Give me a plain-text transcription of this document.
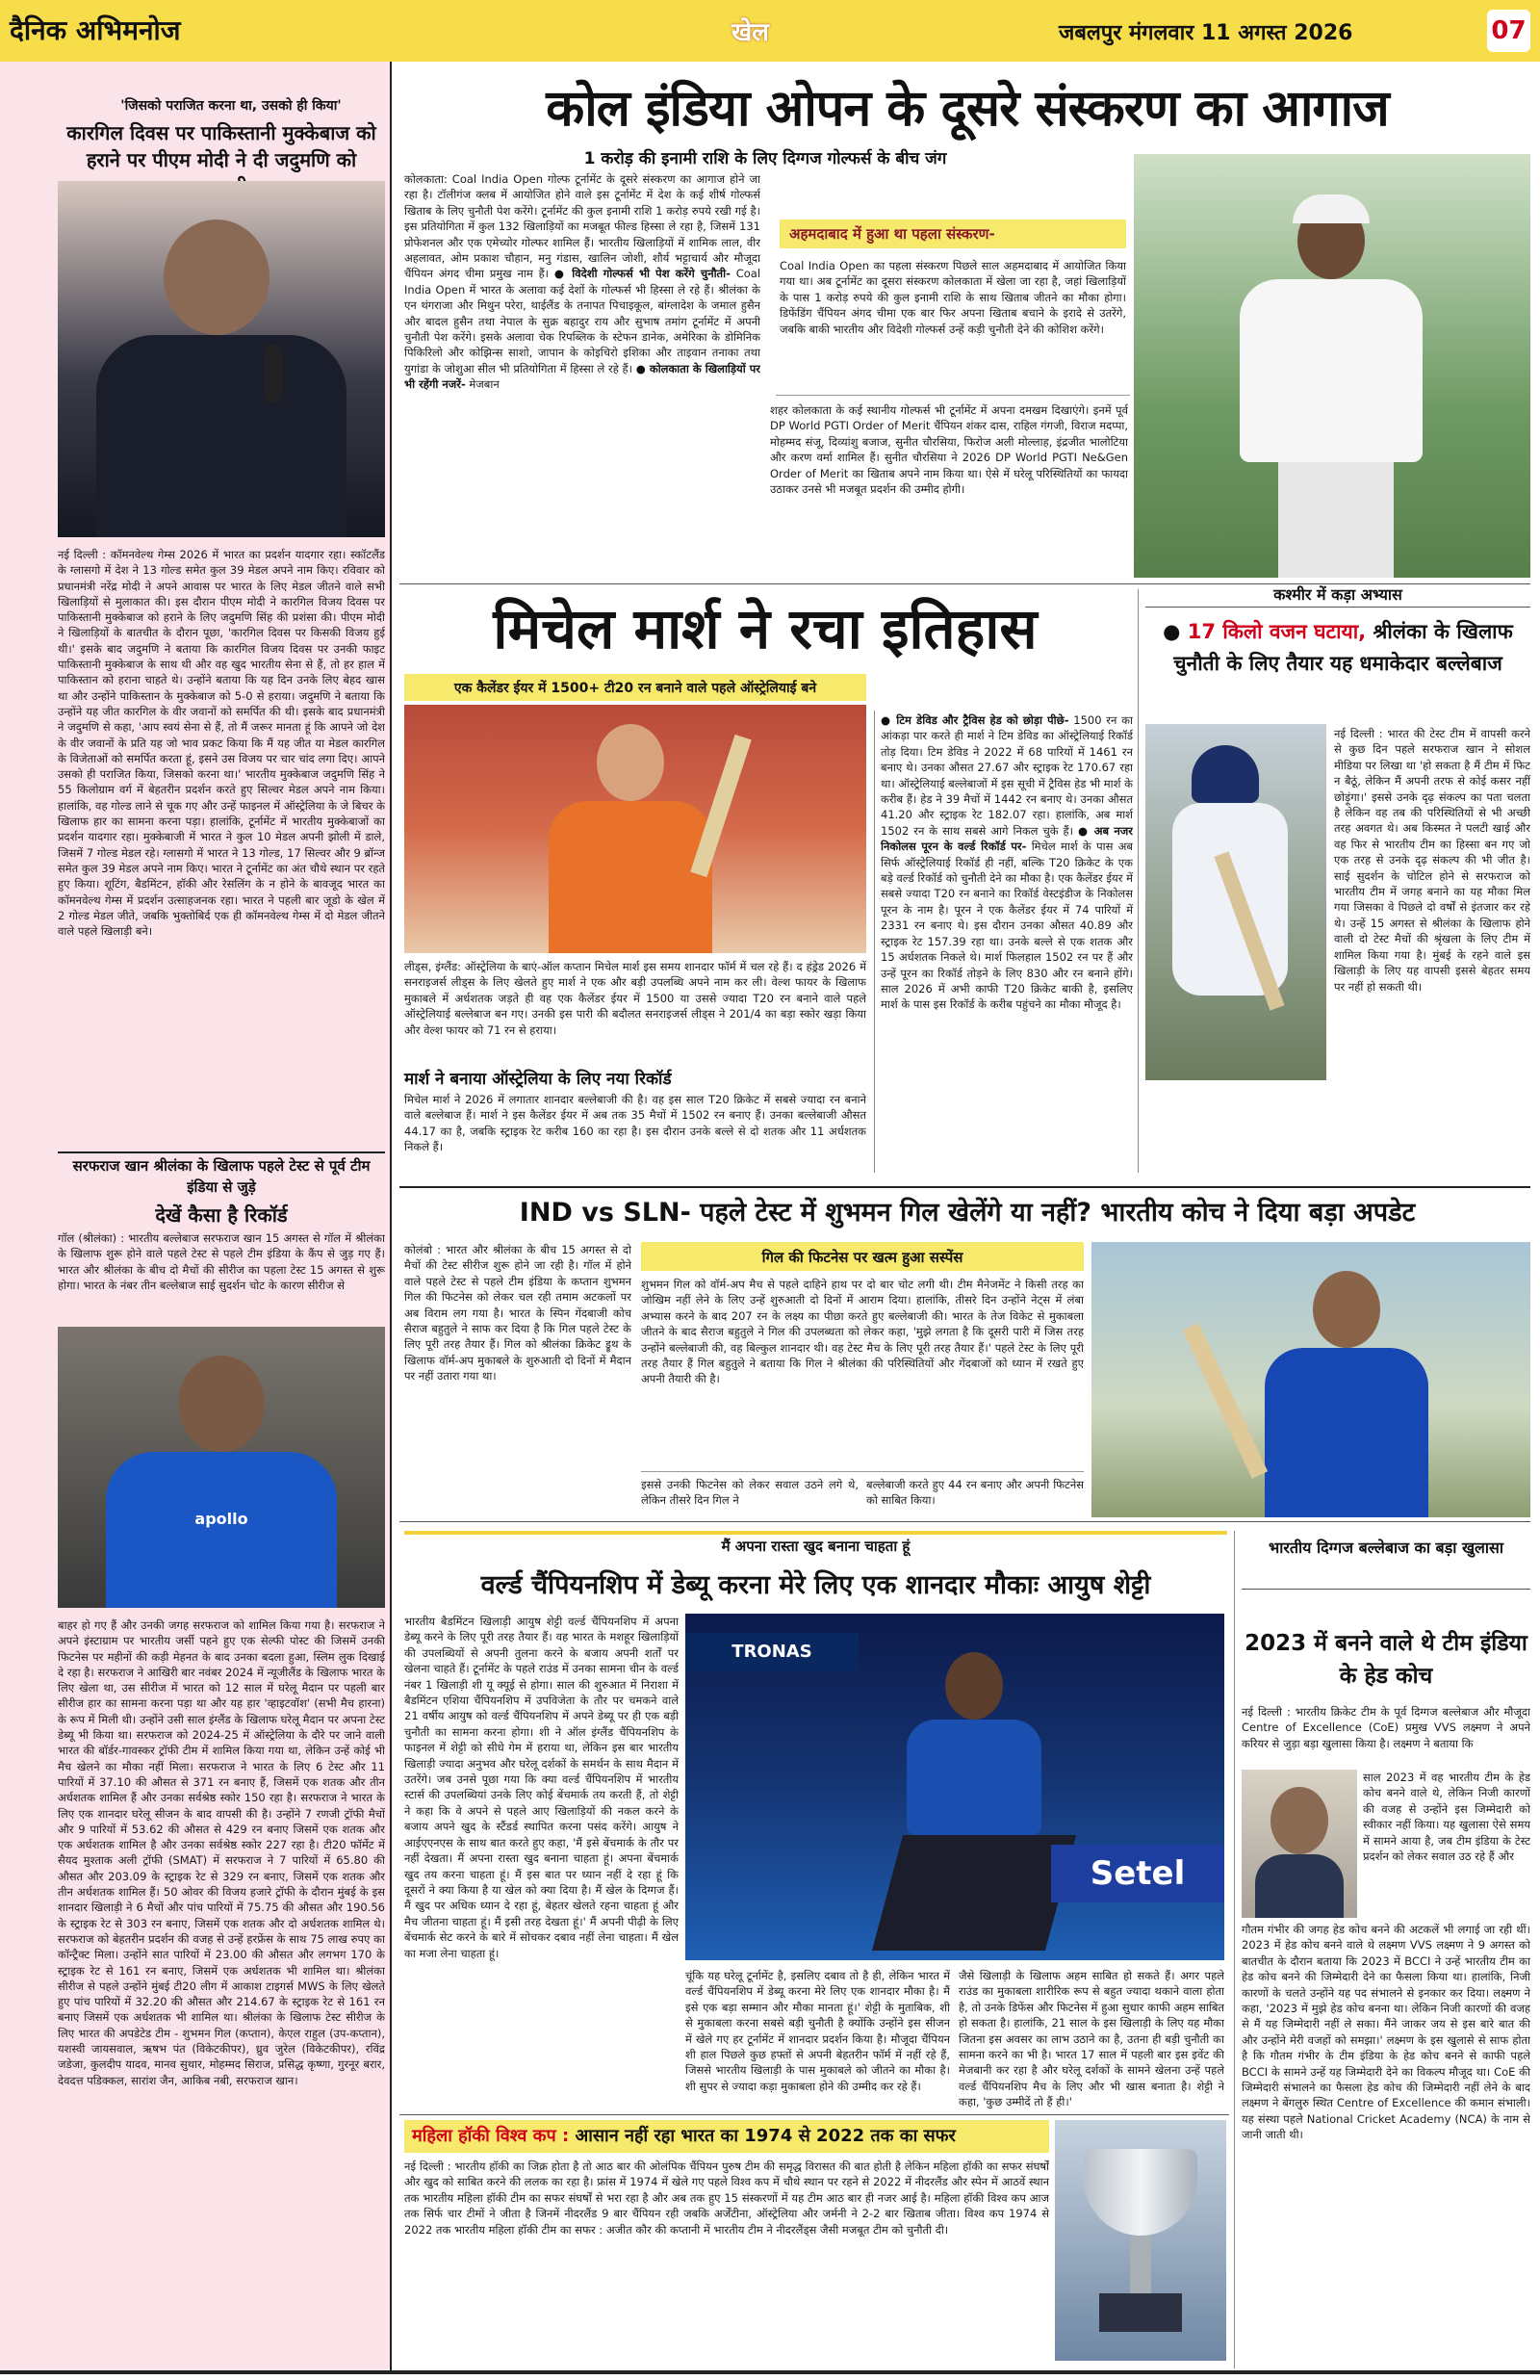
दैनिक अभिमनोज	खेल	जबलपुर मंगलवार 11 अगस्त 2026	07
'जिसको पराजित करना था, उसको ही किया'
कारगिल दिवस पर पाकिस्तानी मुक्केबाज को हराने पर पीएम मोदी ने दी जदुमणि को
नई दिल्ली : कॉमनवेल्थ गेम्स 2026 में भारत का प्रदर्शन यादगार रहा। स्कॉटलैंड के ग्लासगो में देश ने 13 गोल्ड समेत कुल 39 मेडल अपने नाम किए। रविवार को प्रधानमंत्री नरेंद्र मोदी ने अपने आवास पर भारत के लिए मेडल जीतने वाले सभी खिलाड़ियों से मुलाकात की। इस दौरान पीएम मोदी ने कारगिल विजय दिवस पर पाकिस्तानी मुक्केबाज को हराने के लिए जदुमणि सिंह की प्रशंसा की। पीएम मोदी ने खिलाड़ियों के बातचीत के दौरान पूछा, 'कारगिल दिवस पर किसकी विजय हुई थी।' इसके बाद जदुमणि ने बताया कि कारगिल विजय दिवस पर उनकी फाइट पाकिस्तानी मुक्केबाज के साथ थी और वह खुद भारतीय सेना से हैं, तो हर हाल में पाकिस्तान को हराना चाहते थे। उन्होंने बताया कि यह दिन उनके लिए बेहद खास था और उन्होंने पाकिस्तान के मुक्केबाज को 5-0 से हराया। जदुमणि ने बताया कि उन्होंने यह जीत कारगिल के वीर जवानों को समर्पित की थी। इसके बाद प्रधानमंत्री ने जदुमणि से कहा, 'आप स्वयं सेना से हैं, तो मैं जरूर मानता हूं कि आपने जो देश के वीर जवानों के प्रति यह जो भाव प्रकट किया कि मैं यह जीत या मेडल कारगिल के विजेताओं को समर्पित करता हूं, इसने उस विजय पर चार चांद लगा दिए। आपने उसको ही पराजित किया, जिसको करना था।' भारतीय मुक्केबाज जदुमणि सिंह ने 55 किलोग्राम वर्ग में बेहतरीन प्रदर्शन करते हुए सिल्वर मेडल अपने नाम किया। हालांकि, वह गोल्ड लाने से चूक गए और उन्हें फाइनल में ऑस्ट्रेलिया के जे बिचर के खिलाफ हार का सामना करना पड़ा। हालांकि, टूर्नामेंट में भारतीय मुक्केबाजों का प्रदर्शन यादगार रहा। मुक्केबाजी में भारत ने कुल 10 मेडल अपनी झोली में डाले, जिसमें 7 गोल्ड मेडल रहे। ग्लासगो में भारत ने 13 गोल्ड, 17 सिल्वर और 9 ब्रॉन्ज समेत कुल 39 मेडल अपने नाम किए। भारत ने टूर्नामेंट का अंत चौथे स्थान पर रहते हुए किया। शूटिंग, बैडमिंटन, हॉकी और रेसलिंग के न होने के बावजूद भारत का कॉमनवेल्थ गेम्स में प्रदर्शन उत्साहजनक रहा। भारत ने पहली बार जूडो के खेल में 2 गोल्ड मेडल जीते, जबकि भुक्तोबिर्द एक ही कॉमनवेल्थ गेम्स में दो मेडल जीतने वाले पहले खिलाड़ी बने।
सरफराज खान श्रीलंका के खिलाफ पहले टेस्ट से पूर्व टीम इंडिया से जुड़े
देखें कैसा है रिकॉर्ड
गॉल (श्रीलंका) : भारतीय बल्लेबाज सरफराज खान 15 अगस्त से गॉल में श्रीलंका के खिलाफ शुरू होने वाले पहले टेस्ट से पहले टीम इंडिया के कैंप से जुड़ गए हैं। भारत और श्रीलंका के बीच दो मैचों की सीरीज का पहला टेस्ट 15 अगस्त से शुरू होगा। भारत के नंबर तीन बल्लेबाज साई सुदर्शन चोट के कारण सीरीज से
apollo
बाहर हो गए हैं और उनकी जगह सरफराज को शामिल किया गया है। सरफराज ने अपने इंस्टाग्राम पर भारतीय जर्सी पहने हुए एक सेल्फी पोस्ट की जिसमें उनकी फिटनेस पर महीनों की कड़ी मेहनत के बाद उनका बदला हुआ, स्लिम लुक दिखाई दे रहा है। सरफराज ने आखिरी बार नवंबर 2024 में न्यूजीलैंड के खिलाफ भारत के लिए खेला था, उस सीरीज में भारत को 12 साल में घरेलू मैदान पर पहली बार सीरीज हार का सामना करना पड़ा था और यह हार 'व्हाइटवॉश' (सभी मैच हारना) के रूप में मिली थी। उन्होंने उसी साल इंग्लैंड के खिलाफ घरेलू मैदान पर अपना टेस्ट डेब्यू भी किया था। सरफराज को 2024-25 में ऑस्ट्रेलिया के दौरे पर जाने वाली भारत की बॉर्डर-गावस्कर ट्रॉफी टीम में शामिल किया गया था, लेकिन उन्हें कोई भी मैच खेलने का मौका नहीं मिला। सरफराज ने भारत के लिए 6 टेस्ट और 11 पारियों में 37.10 की औसत से 371 रन बनाए हैं, जिसमें एक शतक और तीन अर्धशतक शामिल हैं और उनका सर्वश्रेष्ठ स्कोर 150 रहा है। सरफराज ने भारत के लिए एक शानदार घरेलू सीजन के बाद वापसी की है। उन्होंने 7 रणजी ट्रॉफी मैचों और 9 पारियों में 53.62 की औसत से 429 रन बनाए जिसमें एक शतक और एक अर्धशतक शामिल है और उनका सर्वश्रेष्ठ स्कोर 227 रहा है। टी20 फॉर्मेट में सैयद मुश्ताक अली ट्रॉफी (SMAT) में सरफराज ने 7 पारियों में 65.80 की औसत और 203.09 के स्ट्राइक रेट से 329 रन बनाए, जिसमें एक शतक और तीन अर्धशतक शामिल हैं। 50 ओवर की विजय हजारे ट्रॉफी के दौरान मुंबई के इस शानदार खिलाड़ी ने 6 मैचों और पांच पारियों में 75.75 की औसत और 190.56 के स्ट्राइक रेट से 303 रन बनाए, जिसमें एक शतक और दो अर्धशतक शामिल थे। सरफराज को बेहतरीन प्रदर्शन की वजह से उन्हें हरफ्रेंस के साथ 75 लाख रुपए का कॉन्ट्रैक्ट मिला। उन्होंने सात पारियों में 23.00 की औसत और लगभग 170 के स्ट्राइक रेट से 161 रन बनाए, जिसमें एक अर्धशतक भी शामिल था। श्रीलंका सीरीज से पहले उन्होंने मुंबई टी20 लीग में आकाश टाइगर्स MWS के लिए खेलते हुए पांच पारियों में 32.20 की औसत और 214.67 के स्ट्राइक रेट से 161 रन बनाए जिसमें एक अर्धशतक भी शामिल था। श्रीलंका के खिलाफ टेस्ट सीरीज के लिए भारत की अपडेटेड टीम - शुभमन गिल (कप्तान), केएल राहुल (उप-कप्तान), यशस्वी जायसवाल, ऋषभ पंत (विकेटकीपर), ध्रुव जुरेल (विकेटकीपर), रविंद्र जडेजा, कुलदीप यादव, मानव सुथार, मोहम्मद सिराज, प्रसिद्ध कृष्णा, गुरनूर बरार, देवदत्त पडिक्कल, सारांश जैन, आकिब नबी, सरफराज खान।
कोल इंडिया ओपन के दूसरे संस्करण का आगाज
1 करोड़ की इनामी राशि के लिए दिग्गज गोल्फर्स के बीच जंग
कोलकाता: Coal India Open गोल्फ टूर्नामेंट के दूसरे संस्करण का आगाज होने जा रहा है। टॉलीगंज क्लब में आयोजित होने वाले इस टूर्नामेंट में देश के कई शीर्ष गोल्फर्स खिताब के लिए चुनौती पेश करेंगे। टूर्नामेंट की कुल इनामी राशि 1 करोड़ रुपये रखी गई है। इस प्रतियोगिता में कुल 132 खिलाड़ियों का मजबूत फील्ड हिस्सा ले रहा है, जिसमें 131 प्रोफेशनल और एक एमेच्योर गोल्फर शामिल हैं। भारतीय खिलाड़ियों में शामिक लाल, वीर अहलावत, ओम प्रकाश चौहान, मनु गंडास, खालिन जोशी, शौर्य भट्टाचार्य और मौजूदा चैंपियन अंगद चीमा प्रमुख नाम हैं। ● विदेशी गोल्फर्स भी पेश करेंगे चुनौती- Coal India Open में भारत के अलावा कई देशों के गोल्फर्स भी हिस्सा ले रहे हैं। श्रीलंका के एन थंगराजा और मिथुन परेरा, थाईलैंड के तनापत पिचाइकूल, बांग्लादेश के जमाल हुसैन और बादल हुसैन तथा नेपाल के सुक्र बहादुर राय और सुभाष तमांग टूर्नामेंट में अपनी चुनौती पेश करेंगे। इसके अलावा चेक रिपब्लिक के स्टेफन डानेक, अमेरिका के डोमिनिक पिकिरिलो और कोझिन्स साशो, जापान के कोइचिरो इशिका और ताइवान तनाका तथा युगांडा के जोशुआ सील भी प्रतियोगिता में हिस्सा ले रहे हैं। ● कोलकाता के खिलाड़ियों पर भी रहेंगी नजरें- मेजबान
अहमदाबाद में हुआ था पहला संस्करण-
Coal India Open का पहला संस्करण पिछले साल अहमदाबाद में आयोजित किया गया था। अब टूर्नामेंट का दूसरा संस्करण कोलकाता में खेला जा रहा है, जहां खिलाड़ियों के पास 1 करोड़ रुपये की कुल इनामी राशि के साथ खिताब जीतने का मौका होगा। डिफेंडिंग चैंपियन अंगद चीमा एक बार फिर अपना खिताब बचाने के इरादे से उतरेंगे, जबकि बाकी भारतीय और विदेशी गोल्फर्स उन्हें कड़ी चुनौती देने की कोशिश करेंगे।
शहर कोलकाता के कई स्थानीय गोल्फर्स भी टूर्नामेंट में अपना दमखम दिखाएंगे। इनमें पूर्व DP World PGTI Order of Merit चैंपियन शंकर दास, राहिल गंगजी, विराज मदप्पा, मोहम्मद संजू, दिव्यांशु बजाज, सुनीत चौरसिया, फिरोज अली मोल्लाह, इंद्रजीत भालोटिया और करण वर्मा शामिल हैं। सुनीत चौरसिया ने 2026 DP World PGTI Ne&Gen Order of Merit का खिताब अपने नाम किया था। ऐसे में घरेलू परिस्थितियों का फायदा उठाकर उनसे भी मजबूत प्रदर्शन की उम्मीद होगी।
मिचेल मार्श ने रचा इतिहास
एक कैलेंडर ईयर में 1500+ टी20 रन बनाने वाले पहले ऑस्ट्रेलियाई बने
लीड्स, इंग्लैंड: ऑस्ट्रेलिया के बाएं-ऑल कप्तान मिचेल मार्श इस समय शानदार फॉर्म में चल रहे हैं। द हंड्रेड 2026 में सनराइजर्स लीड्स के लिए खेलते हुए मार्श ने एक और बड़ी उपलब्धि अपने नाम कर ली। वेल्श फायर के खिलाफ मुकाबले में अर्धशतक जड़ते ही वह एक कैलेंडर ईयर में 1500 या उससे ज्यादा T20 रन बनाने वाले पहले ऑस्ट्रेलियाई बल्लेबाज बन गए। उनकी इस पारी की बदौलत सनराइजर्स लीड्स ने 201/4 का बड़ा स्कोर खड़ा किया और वेल्श फायर को 71 रन से हराया।
मार्श ने बनाया ऑस्ट्रेलिया के लिए नया रिकॉर्ड
मिचेल मार्श ने 2026 में लगातार शानदार बल्लेबाजी की है। वह इस साल T20 क्रिकेट में सबसे ज्यादा रन बनाने वाले बल्लेबाज हैं। मार्श ने इस कैलेंडर ईयर में अब तक 35 मैचों में 1502 रन बनाए हैं। उनका बल्लेबाजी औसत 44.17 का है, जबकि स्ट्राइक रेट करीब 160 का रहा है। इस दौरान उनके बल्ले से दो शतक और 11 अर्धशतक निकले हैं।
● टिम डेविड और ट्रैविस हेड को छोड़ा पीछे- 1500 रन का आंकड़ा पार करते ही मार्श ने टिम डेविड का ऑस्ट्रेलियाई रिकॉर्ड तोड़ दिया। टिम डेविड ने 2022 में 68 पारियों में 1461 रन बनाए थे। उनका औसत 27.67 और स्ट्राइक रेट 170.67 रहा था। ऑस्ट्रेलियाई बल्लेबाजों में इस सूची में ट्रैविस हेड भी मार्श के करीब हैं। हेड ने 39 मैचों में 1442 रन बनाए थे। उनका औसत 41.20 और स्ट्राइक रेट 182.07 रहा। हालांकि, अब मार्श 1502 रन के साथ सबसे आगे निकल चुके हैं। ● अब नजर निकोलस पूरन के वर्ल्ड रिकॉर्ड पर- मिचेल मार्श के पास अब सिर्फ ऑस्ट्रेलियाई रिकॉर्ड ही नहीं, बल्कि T20 क्रिकेट के एक बड़े वर्ल्ड रिकॉर्ड को चुनौती देने का मौका है। एक कैलेंडर ईयर में सबसे ज्यादा T20 रन बनाने का रिकॉर्ड वेस्टइंडीज के निकोलस पूरन के नाम है। पूरन ने एक कैलेंडर ईयर में 74 पारियों में 2331 रन बनाए थे। इस दौरान उनका औसत 40.89 और स्ट्राइक रेट 157.39 रहा था। उनके बल्ले से एक शतक और 15 अर्धशतक निकले थे। मार्श फिलहाल 1502 रन पर हैं और उन्हें पूरन का रिकॉर्ड तोड़ने के लिए 830 और रन बनाने होंगे। साल 2026 में अभी काफी T20 क्रिकेट बाकी है, इसलिए मार्श के पास इस रिकॉर्ड के करीब पहुंचने का मौका मौजूद है।
कश्मीर में कड़ा अभ्यास
● 17 किलो वजन घटाया, श्रीलंका के खिलाफ चुनौती के लिए तैयार यह धमाकेदार बल्लेबाज
नई दिल्ली : भारत की टेस्ट टीम में वापसी करने से कुछ दिन पहले सरफराज खान ने सोशल मीडिया पर लिखा था 'हो सकता है मैं टीम में फिट न बैठूं, लेकिन मैं अपनी तरफ से कोई कसर नहीं छोड़ूंगा।' इससे उनके दृढ़ संकल्प का पता चलता है लेकिन वह तब की परिस्थितियों से भी अच्छी तरह अवगत थे। अब किस्मत ने पलटी खाई और वह फिर से भारतीय टीम का हिस्सा बन गए जो एक तरह से उनके दृढ़ संकल्प की भी जीत है। साई सुदर्शन के चोटिल होने से सरफराज को भारतीय टीम में जगह बनाने का यह मौका मिल गया जिसका वे पिछले दो वर्षों से इंतजार कर रहे थे। उन्हें 15 अगस्त से श्रीलंका के खिलाफ होने वाली दो टेस्ट मैचों की श्रृंखला के लिए टीम में शामिल किया गया है। मुंबई के रहने वाले इस खिलाड़ी के लिए यह वापसी इससे बेहतर समय पर नहीं हो सकती थी।
IND vs SLN- पहले टेस्ट में शुभमन गिल खेलेंगे या नहीं? भारतीय कोच ने दिया बड़ा अपडेट
कोलंबो : भारत और श्रीलंका के बीच 15 अगस्त से दो मैचों की टेस्ट सीरीज शुरू होने जा रही है। गॉल में होने वाले पहले टेस्ट से पहले टीम इंडिया के कप्तान शुभमन गिल की फिटनेस को लेकर चल रही तमाम अटकलों पर अब विराम लग गया है। भारत के स्पिन गेंदबाजी कोच सैराज बहुतुले ने साफ कर दिया है कि गिल पहले टेस्ट के लिए पूरी तरह तैयार हैं। गिल को श्रीलंका क्रिकेट ड्रूथ के खिलाफ वॉर्म-अप मुकाबले के शुरुआती दो दिनों में मैदान पर नहीं उतारा गया था।
गिल की फिटनेस पर खत्म हुआ सस्पेंस
शुभमन गिल को वॉर्म-अप मैच से पहले दाहिने हाथ पर दो बार चोट लगी थी। टीम मैनेजमेंट ने किसी तरह का जोखिम नहीं लेने के लिए उन्हें शुरुआती दो दिनों में आराम दिया। हालांकि, तीसरे दिन उन्होंने नेट्स में लंबा अभ्यास करने के बाद 207 रन के लक्ष्य का पीछा करते हुए बल्लेबाजी की। भारत के तेज विकेट से मुकाबला जीतने के बाद सैराज बहुतुले ने गिल की उपलब्धता को लेकर कहा, 'मुझे लगता है कि दूसरी पारी में जिस तरह उन्होंने बल्लेबाजी की, वह बिल्कुल शानदार थी। वह टेस्ट मैच के लिए पूरी तरह तैयार हैं।' पहले टेस्ट के लिए पूरी तरह तैयार हैं गिल बहुतुले ने बताया कि गिल ने श्रीलंका की परिस्थितियों और गेंदबाजों को ध्यान में रखते हुए अपनी तैयारी की है।
इससे उनकी फिटनेस को लेकर सवाल उठने लगे थे, लेकिन तीसरे दिन गिल ने
बल्लेबाजी करते हुए 44 रन बनाए और अपनी फिटनेस को साबित किया।
मैं अपना रास्ता खुद बनाना चाहता हूं
वर्ल्ड चैंपियनशिप में डेब्यू करना मेरे लिए एक शानदार मौकाः आयुष शेट्टी
भारतीय बैडमिंटन खिलाड़ी आयुष शेट्टी वर्ल्ड चैंपियनशिप में अपना डेब्यू करने के लिए पूरी तरह तैयार हैं। वह भारत के मशहूर खिलाड़ियों की उपलब्धियों से अपनी तुलना करने के बजाय अपनी शर्तों पर खेलना चाहते हैं। टूर्नामेंट के पहले राउंड में उनका सामना चीन के वर्ल्ड नंबर 1 खिलाड़ी शी यू क्यूई से होगा। साल की शुरुआत में निराशा में बैडमिंटन एशिया चैंपियनशिप में उपविजेता के तौर पर चमकने वाले 21 वर्षीय आयुष को वर्ल्ड चैंपियनशिप में अपने डेब्यू पर ही एक बड़ी चुनौती का सामना करना होगा। शी ने ऑल इंग्लैंड चैंपियनशिप के फाइनल में शेट्टी को सीधे गेम में हराया था, लेकिन इस बार भारतीय खिलाड़ी ज्यादा अनुभव और घरेलू दर्शकों के समर्थन के साथ मैदान में उतरेंगे। जब उनसे पूछा गया कि क्या वर्ल्ड चैंपियनशिप में भारतीय स्टार्स की उपलब्धियां उनके लिए कोई बेंचमार्क तय करती हैं, तो शेट्टी ने कहा कि वे अपने से पहले आए खिलाड़ियों की नकल करने के बजाय अपने खुद के स्टैंडर्ड स्थापित करना पसंद करेंगे। आयुष ने आईएएनएस के साथ बात करते हुए कहा, 'मैं इसे बेंचमार्क के तौर पर नहीं देखता। मैं अपना रास्ता खुद बनाना चाहता हूं। अपना बेंचमार्क खुद तय करना चाहता हूं। मैं इस बात पर ध्यान नहीं दे रहा हूं कि दूसरों ने क्या किया है या खेल को क्या दिया है। मैं खेल के दिग्गज हैं। मैं खुद पर अधिक ध्यान दे रहा हूं, बेहतर खेलते रहना चाहता हूं और मैच जीतना चाहता हूं। मैं इसी तरह देखता हूं।' मैं अपनी पीढ़ी के लिए बेंचमार्क सेट करने के बारे में सोचकर दबाव नहीं लेना चाहता। मैं खेल का मजा लेना चाहता हूं।
TRONAS
Setel
चूंकि यह घरेलू टूर्नामेंट है, इसलिए दबाव तो है ही, लेकिन भारत में वर्ल्ड चैंपियनशिप में डेब्यू करना मेरे लिए एक शानदार मौका है। मैं इसे एक बड़ा सम्मान और मौका मानता हूं।' शेट्टी के मुताबिक, शी से मुकाबला करना सबसे बड़ी चुनौती है क्योंकि उन्होंने इस सीजन में खेले गए हर टूर्नामेंट में शानदार प्रदर्शन किया है। मौजूदा चैंपियन शी हाल पिछले कुछ हफ्तों से अपनी बेहतरीन फॉर्म में नहीं रहे हैं, जिससे भारतीय खिलाड़ी के पास मुकाबले को जीतने का मौका है। शी सुपर से ज्यादा कड़ा मुकाबला होने की उम्मीद कर रहे हैं।
जैसे खिलाड़ी के खिलाफ अहम साबित हो सकते हैं। अगर पहले राउंड का मुकाबला शारीरिक रूप से बहुत ज्यादा थकाने वाला होता है, तो उनके डिफेंस और फिटनेस में हुआ सुधार काफी अहम साबित हो सकता है। हालांकि, 21 साल के इस खिलाड़ी के लिए यह मौका जितना इस अवसर का लाभ उठाने का है, उतना ही बड़ी चुनौती का सामना करने का भी है। भारत 17 साल में पहली बार इस इवेंट की मेजबानी कर रहा है और घरेलू दर्शकों के सामने खेलना उन्हें पहले वर्ल्ड चैंपियनशिप मैच के लिए और भी खास बनाता है। शेट्टी ने कहा, 'कुछ उम्मीदें तो हैं ही।'
भारतीय दिग्गज बल्लेबाज का बड़ा खुलासा
2023 में बनने वाले थे टीम इंडिया के हेड कोच
नई दिल्ली : भारतीय क्रिकेट टीम के पूर्व दिग्गज बल्लेबाज और मौजूदा Centre of Excellence (CoE) प्रमुख VVS लक्ष्मण ने अपने करियर से जुड़ा बड़ा खुलासा किया है। लक्ष्मण ने बताया कि
साल 2023 में वह भारतीय टीम के हेड कोच बनने वाले थे, लेकिन निजी कारणों की वजह से उन्होंने इस जिम्मेदारी को स्वीकार नहीं किया। यह खुलासा ऐसे समय में सामने आया है, जब टीम इंडिया के टेस्ट प्रदर्शन को लेकर सवाल उठ रहे हैं और
गौतम गंभीर की जगह हेड कोच बनने की अटकलें भी लगाई जा रही थीं। 2023 में हेड कोच बनने वाले थे लक्ष्मण VVS लक्ष्मण ने 9 अगस्त को बातचीत के दौरान बताया कि 2023 में BCCI ने उन्हें भारतीय टीम का हेड कोच बनने की जिम्मेदारी देने का फैसला किया था। हालांकि, निजी कारणों के चलते उन्होंने यह पद संभालने से इनकार कर दिया। लक्ष्मण ने कहा, '2023 में मुझे हेड कोच बनना था। लेकिन निजी कारणों की वजह से मैं यह जिम्मेदारी नहीं ले सका। मैंने जाकर जय से इस बारे बात की और उन्होंने मेरी वजहों को समझा।' लक्ष्मण के इस खुलासे से साफ होता है कि गौतम गंभीर के टीम इंडिया के हेड कोच बनने से काफी पहले BCCI के सामने उन्हें यह जिम्मेदारी देने का विकल्प मौजूद था। CoE की जिम्मेदारी संभालने का फैसला हेड कोच की जिम्मेदारी नहीं लेने के बाद लक्ष्मण ने बेंगलुरु स्थित Centre of Excellence की कमान संभाली। यह संस्था पहले National Cricket Academy (NCA) के नाम से जानी जाती थी।
महिला हॉकी विश्व कप : आसान नहीं रहा भारत का 1974 से 2022 तक का सफर
नई दिल्ली : भारतीय हॉकी का जिक्र होता है तो आठ बार की ओलंपिक चैंपियन पुरुष टीम की समृद्ध विरासत की बात होती है लेकिन महिला हॉकी का सफर संघर्षों और खुद को साबित करने की ललक का रहा है। फ्रांस में 1974 में खेले गए पहले विश्व कप में चौथे स्थान पर रहने से 2022 में नीदरलैंड और स्पेन में आठवें स्थान तक भारतीय महिला हॉकी टीम का सफर संघर्षों से भरा रहा है और अब तक हुए 15 संस्करणों में यह टीम आठ बार ही नजर आई है। महिला हॉकी विश्व कप आज तक सिर्फ चार टीमों ने जीता है जिनमें नीदरलैंड 9 बार चैंपियन रही जबकि अर्जेंटीना, ऑस्ट्रेलिया और जर्मनी ने 2-2 बार खिताब जीता। विश्व कप 1974 से 2022 तक भारतीय महिला हॉकी टीम का सफर : अजीत कौर की कप्तानी में भारतीय टीम ने नीदरलैंड्स जैसी मजबूत टीम को चुनौती दी।
